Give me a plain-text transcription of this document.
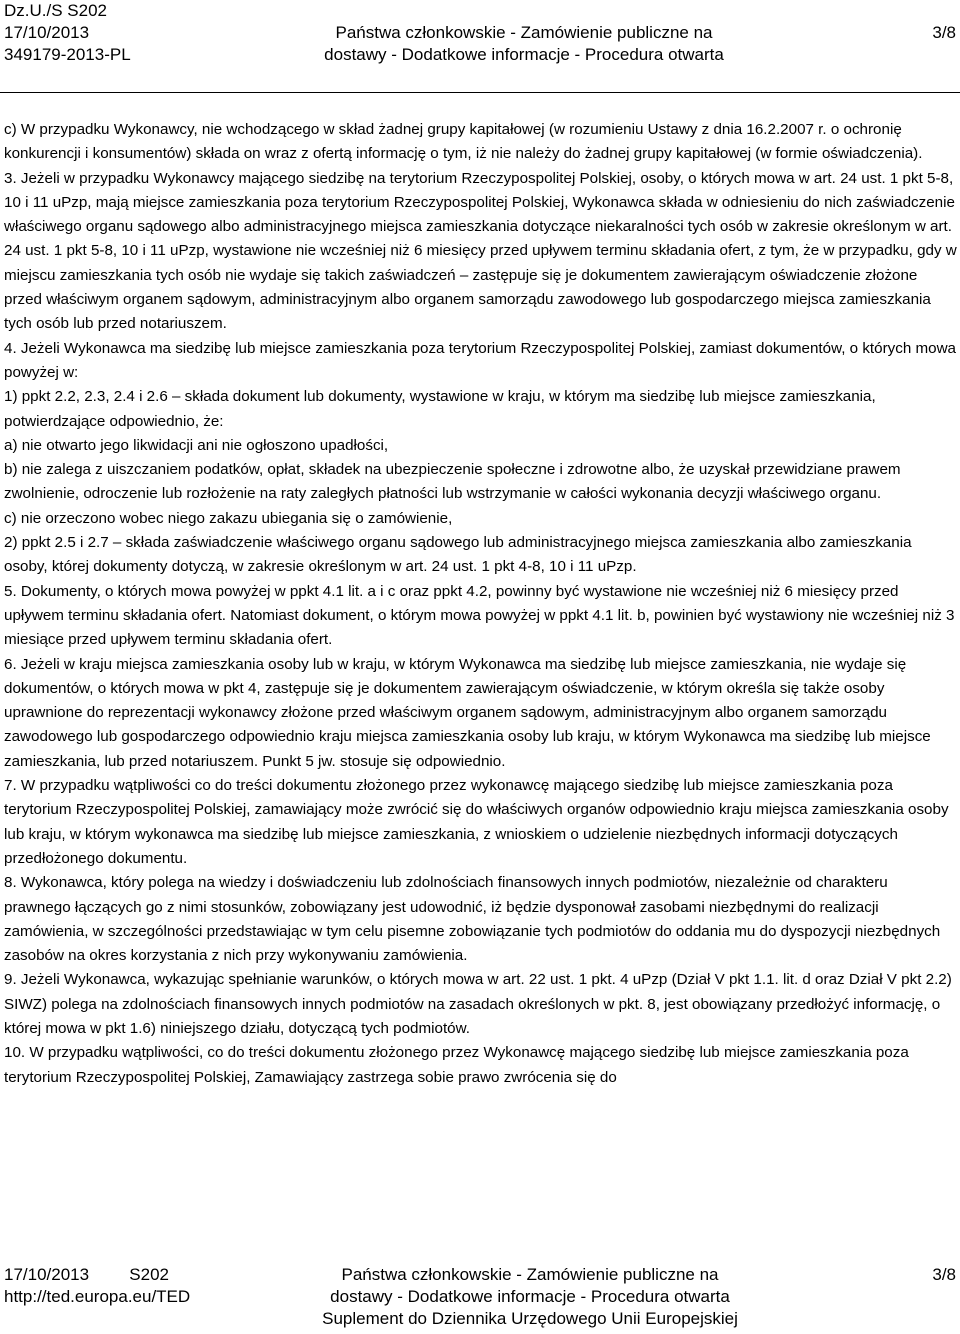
Dz.U./S S202
17/10/2013
349179-2013-PL
Państwa członkowskie - Zamówienie publiczne na
dostawy - Dodatkowe informacje - Procedura otwarta
3/8

c) W przypadku Wykonawcy, nie wchodzącego w skład żadnej grupy kapitałowej (w rozumieniu Ustawy z dnia 16.2.2007 r. o ochronię konkurencji i konsumentów) składa on wraz z ofertą informację o tym, iż nie należy do żadnej grupy kapitałowej (w formie oświadczenia).

3. Jeżeli w przypadku Wykonawcy mającego siedzibę na terytorium Rzeczypospolitej Polskiej, osoby, o których mowa w art. 24 ust. 1 pkt 5-8, 10 i 11 uPzp, mają miejsce zamieszkania poza terytorium Rzeczypospolitej Polskiej, Wykonawca składa w odniesieniu do nich zaświadczenie właściwego organu sądowego albo administracyjnego miejsca zamieszkania dotyczące niekaralności tych osób w zakresie określonym w art. 24 ust. 1 pkt 5-8, 10 i 11 uPzp, wystawione nie wcześniej niż 6 miesięcy przed upływem terminu składania ofert, z tym, że w przypadku, gdy w miejscu zamieszkania tych osób nie wydaje się takich zaświadczeń – zastępuje się je dokumentem zawierającym oświadczenie złożone przed właściwym organem sądowym, administracyjnym albo organem samorządu zawodowego lub gospodarczego miejsca zamieszkania tych osób lub przed notariuszem.

4. Jeżeli Wykonawca ma siedzibę lub miejsce zamieszkania poza terytorium Rzeczypospolitej Polskiej, zamiast dokumentów, o których mowa powyżej w:

1) ppkt 2.2, 2.3, 2.4 i 2.6 – składa dokument lub dokumenty, wystawione w kraju, w którym ma siedzibę lub miejsce zamieszkania, potwierdzające odpowiednio, że:

a) nie otwarto jego likwidacji ani nie ogłoszono upadłości,

b) nie zalega z uiszczaniem podatków, opłat, składek na ubezpieczenie społeczne i zdrowotne albo, że uzyskał przewidziane prawem zwolnienie, odroczenie lub rozłożenie na raty zaległych płatności lub wstrzymanie w całości wykonania decyzji właściwego organu.

c) nie orzeczono wobec niego zakazu ubiegania się o zamówienie,

2) ppkt 2.5 i 2.7 – składa zaświadczenie właściwego organu sądowego lub administracyjnego miejsca zamieszkania albo zamieszkania osoby, której dokumenty dotyczą, w zakresie określonym w art. 24 ust. 1 pkt 4-8, 10 i 11 uPzp.

5. Dokumenty, o których mowa powyżej w ppkt 4.1 lit. a i c oraz ppkt 4.2, powinny być wystawione nie wcześniej niż 6 miesięcy przed upływem terminu składania ofert. Natomiast dokument, o którym mowa powyżej w ppkt 4.1 lit. b, powinien być wystawiony nie wcześniej niż 3 miesiące przed upływem terminu składania ofert.

6. Jeżeli w kraju miejsca zamieszkania osoby lub w kraju, w którym Wykonawca ma siedzibę lub miejsce zamieszkania, nie wydaje się dokumentów, o których mowa w pkt 4, zastępuje się je dokumentem zawierającym oświadczenie, w którym określa się także osoby uprawnione do reprezentacji wykonawcy złożone przed właściwym organem sądowym, administracyjnym albo organem samorządu zawodowego lub gospodarczego odpowiednio kraju miejsca zamieszkania osoby lub kraju, w którym Wykonawca ma siedzibę lub miejsce zamieszkania, lub przed notariuszem. Punkt 5 jw. stosuje się odpowiednio.

7. W przypadku wątpliwości co do treści dokumentu złożonego przez wykonawcę mającego siedzibę lub miejsce zamieszkania poza terytorium Rzeczypospolitej Polskiej, zamawiający może zwrócić się do właściwych organów odpowiednio kraju miejsca zamieszkania osoby lub kraju, w którym wykonawca ma siedzibę lub miejsce zamieszkania, z wnioskiem o udzielenie niezbędnych informacji dotyczących przedłożonego dokumentu.

8. Wykonawca, który polega na wiedzy i doświadczeniu lub zdolnościach finansowych innych podmiotów, niezależnie od charakteru prawnego łączących go z nimi stosunków, zobowiązany jest udowodnić, iż będzie dysponował zasobami niezbędnymi do realizacji zamówienia, w szczególności przedstawiając w tym celu pisemne zobowiązanie tych podmiotów do oddania mu do dyspozycji niezbędnych zasobów na okres korzystania z nich przy wykonywaniu zamówienia.

9. Jeżeli Wykonawca, wykazując spełnianie warunków, o których mowa w art. 22 ust. 1 pkt. 4 uPzp (Dział V pkt 1.1. lit. d oraz Dział V pkt 2.2) SIWZ) polega na zdolnościach finansowych innych podmiotów na zasadach określonych w pkt. 8, jest obowiązany przedłożyć informację, o której mowa w pkt 1.6) niniejszego działu, dotyczącą tych podmiotów.

10. W przypadku wątpliwości, co do treści dokumentu złożonego przez Wykonawcę mającego siedzibę lub miejsce zamieszkania poza terytorium Rzeczypospolitej Polskiej, Zamawiający zastrzega sobie prawo zwrócenia się do

17/10/2013 S202
http://ted.europa.eu/TED
Państwa członkowskie - Zamówienie publiczne na
dostawy - Dodatkowe informacje - Procedura otwarta
Suplement do Dziennika Urzędowego Unii Europejskiej
3/8
